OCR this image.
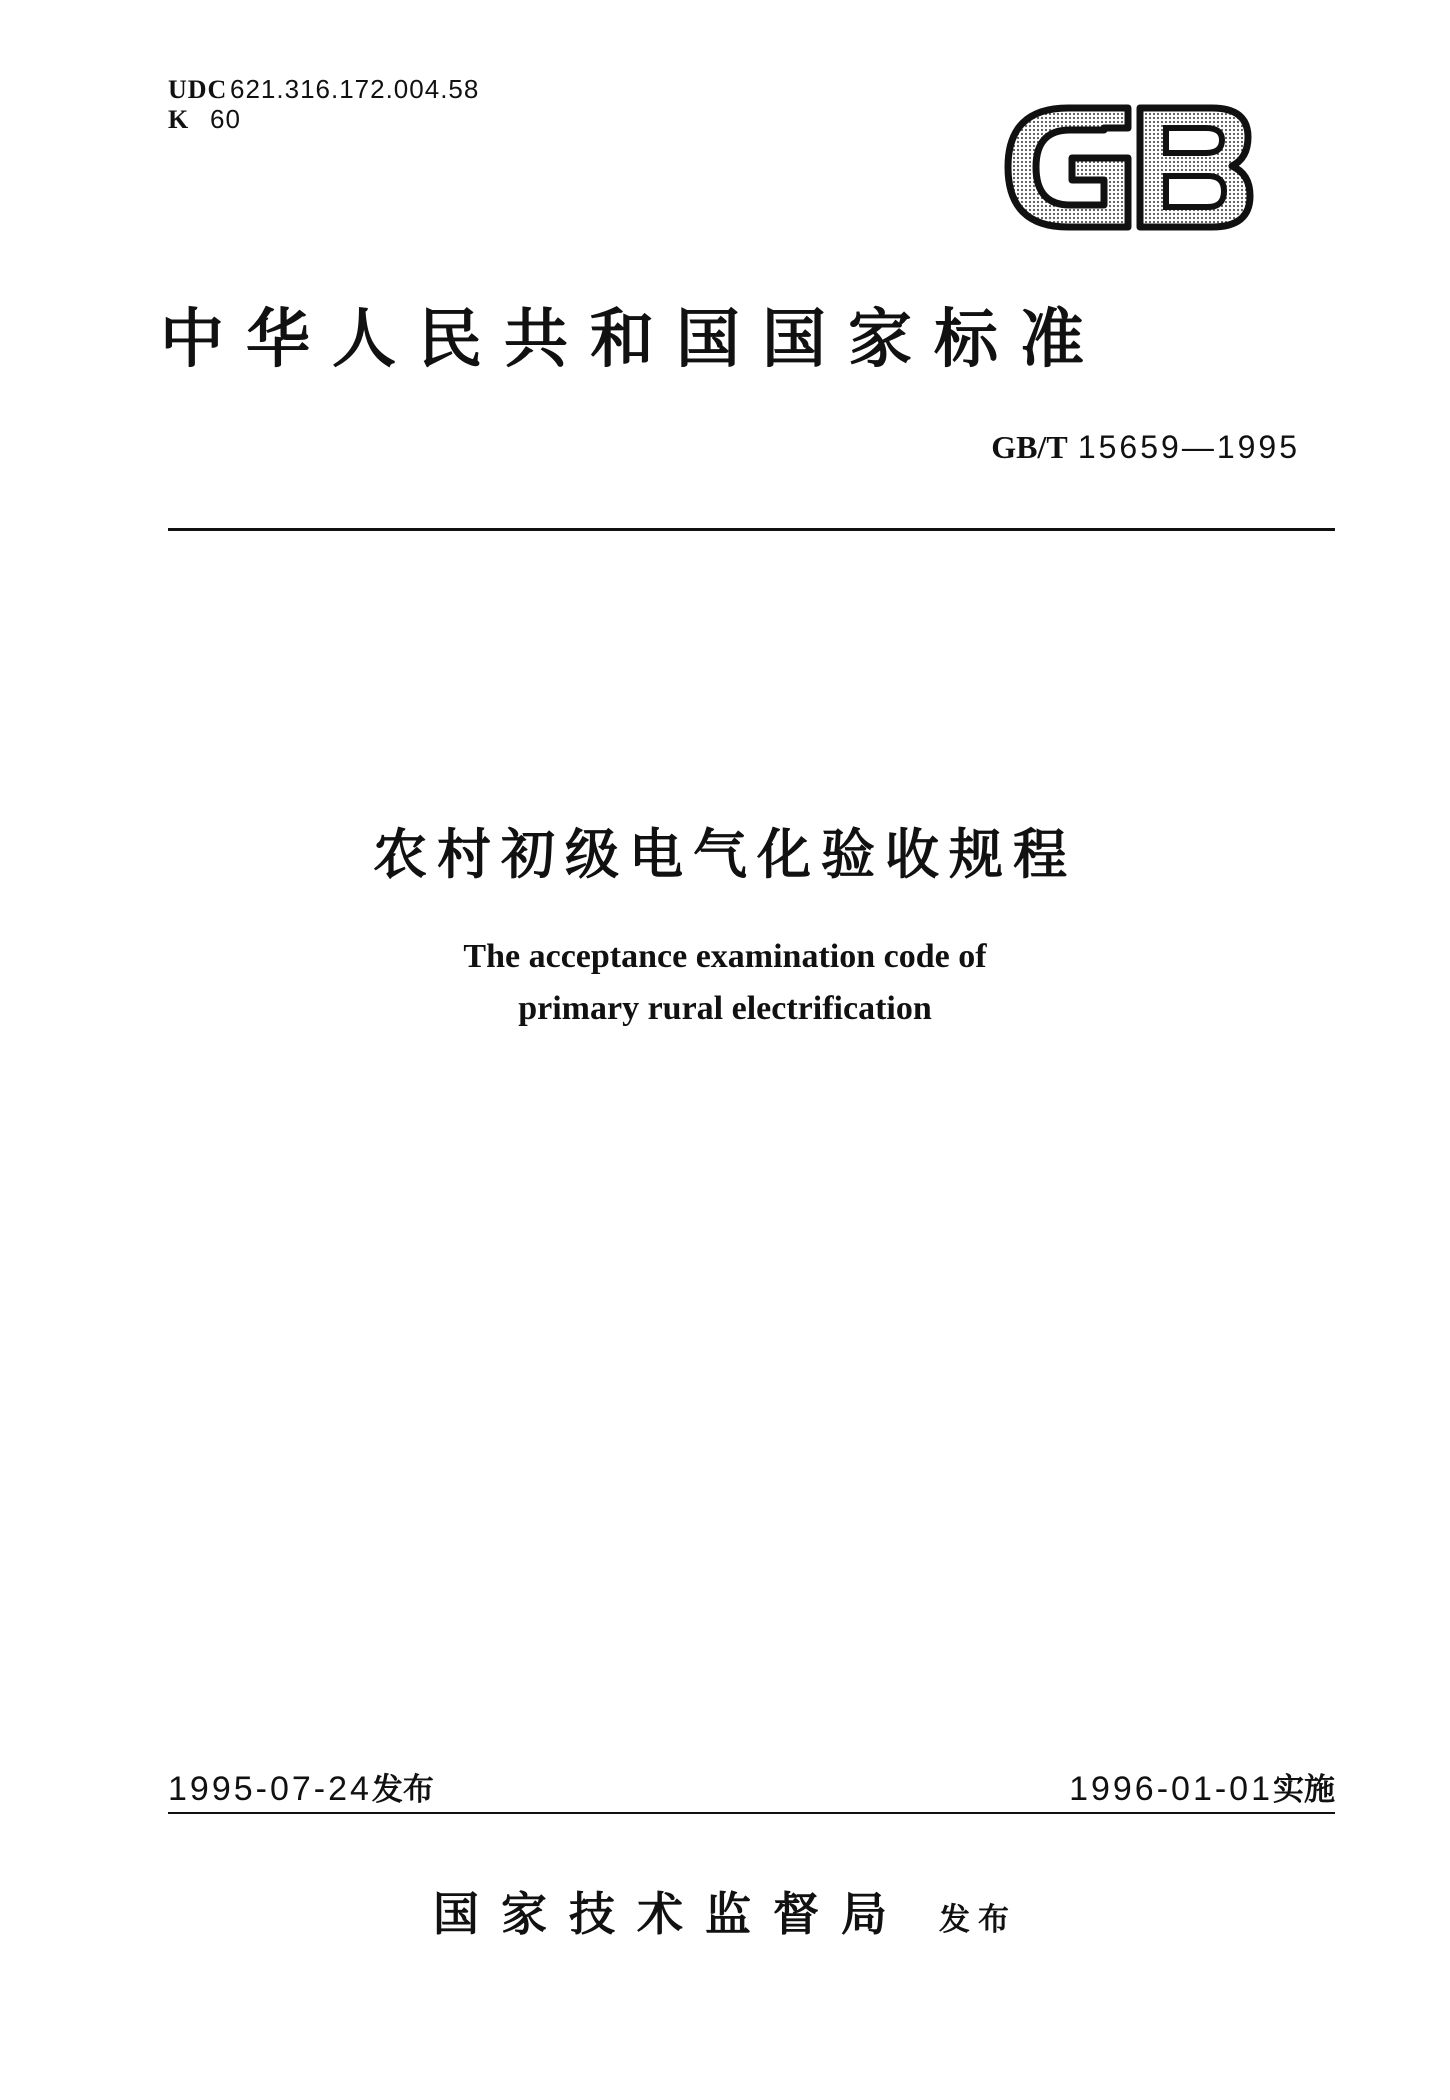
UDC 621.316.172.004.58
K 60
中华人民共和国国家标准
GB/T 15659—1995
农村初级电气化验收规程
The acceptance examination code of
primary rural electrification
1995-07-24发布	1996-01-01实施
国家技术监督局 发布
